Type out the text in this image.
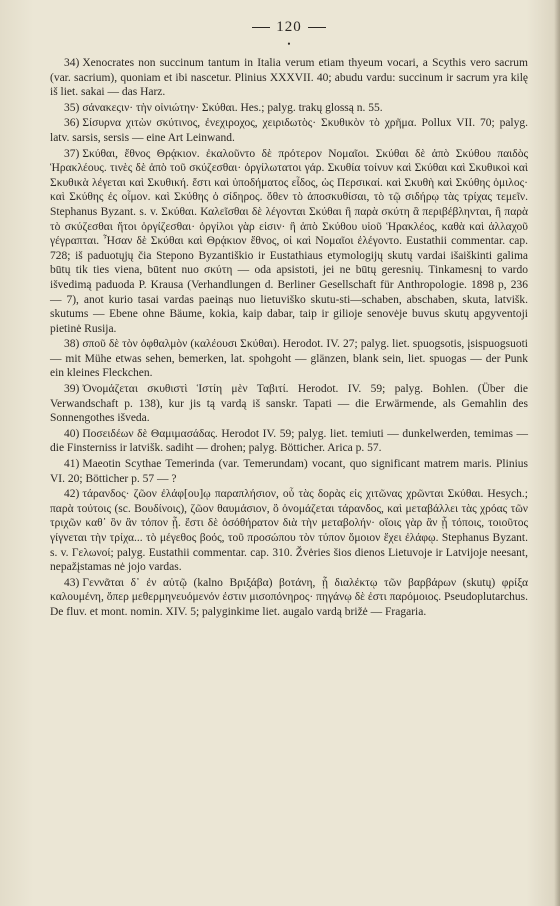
120
•

34) Xenocrates non succinum tantum in Italia verum etiam thyeum vocari, a Scythis vero sacrum (var. sacrium), quoniam et ibi nascetur. Plinius XXXVII. 40; abudu vardu: succinum ir sacrum yra kilę iš liet. sakai — das Harz.

35) σάνακεςιν· τὴν οἰνιώτην· Σκύθαι. Hes.; palyg. trakų glossą n. 55.

36) Σίσυρνα χιτὼν σκύτινος, ἐνεχιροχος, χειριδωτὸς· Σκυθικὸν τὸ χρῆμα. Pollux VII. 70; palyg. latv. sarsis, sersis — eine Art Leinwand.

37) Σκύθαι, ἔθνος Θρᾴκιον. ἐκαλοῦντο δὲ πρότερον Νομαῖοι. Σκύθαι δὲ ἀπὸ Σκύθου παιδὸς Ἡρακλέους. τινὲς δὲ ἀπὸ τοῦ σκύζεσθαι· ὀργίλωτατοι γάρ. Σκυθία τοίνυν καὶ Σκύθαι καὶ Σκυθικοὶ καὶ Σκυθικὰ λέγεται καὶ Σκυθική. ἔστι καὶ ὑποδήματος εἶδος, ὡς Περσικαί. καὶ Σκυθὴ καὶ Σκύθης ὁμιλος· καὶ Σκύθης ἐς οἶμον. καὶ Σκύθης ὁ σίδηρος. ὅθεν τὸ ἀποσκυθίσαι, τὸ τῷ σιδήρῳ τὰς τρίχας τεμεῖν. Stephanus Byzant. s. v. Σκύθαι. Καλεῖσθαι δὲ λέγονται Σκύθαι ἢ παρὰ σκύτη ἃ περιβέβληνται, ἢ παρὰ τὸ σκύζεσθαι ἤτοι ὀργίζεσθαι· ὀργίλοι γὰρ εἰσιν· ἢ ἀπὸ Σκύθου υἱοῦ Ἡρακλέος, καθὰ καὶ ἀλλαχοῦ γέγραπται. Ἦσαν δὲ Σκύθαι καὶ Θρᾴκιον ἔθνος, οἱ καὶ Νομαῖοι ἐλέγοντο. Eustathii commentar. cap. 728; iš paduotųjų čia Stepono Byzantiškio ir Eustathiaus etymologijų skutų vardai išaiškinti galima būtų tik ties viena, būtent nuo σκύτη — oda apsistoti, jei ne būtų geresnių. Tinkamesnį to vardo išvedimą paduoda P. Krausa (Verhandlungen d. Berliner Gesellschaft für Anthropologie. 1898 p, 236 — 7), anot kurio tasai vardas paeinąs nuo lietuviško skutu-sti—schaben, abschaben, skuta, latvišk. skutums — Ebene ohne Bäume, kokia, kaip dabar, taip ir gilioje senovėje buvus skutų apgyventoji pietinė Rusija.

38) σποῦ δὲ τὸν ὀφθαλμὸν (καλέουσι Σκύθαι). Herodot. IV. 27; palyg. liet. spuogsotis, įsispuogsuoti — mit Mühe etwas sehen, bemerken, lat. spohgoht — glänzen, blank sein, liet. spuogas — der Punk ein kleines Fleckchen.

39) Ὀνομάζεται σκυθιστὶ Ἱστίη μὲν Ταβιτί. Herodot. IV. 59; palyg. Bohlen. (Über die Verwandschaft p. 138), kur jis tą vardą iš sanskr. Tapati — die Erwärmende, als Gemahlin des Sonnengothes išveda.

40) Ποσειδέων δὲ Θαμιμασάδας. Herodot IV. 59; palyg. liet. temiuti — dunkelwerden, temimas — die Finsterniss ir latvišk. sadiht — drohen; palyg. Bötticher. Arica p. 57.

41) Maeotin Scythae Temerinda (var. Temerundam) vocant, quo significant matrem maris. Plinius VI. 20; Bötticher p. 57 — ?

42) τάρανδος· ζῶον ἐλάφ[ου]ῳ παραπλήσιον, οὗ τὰς δορὰς εἰς χιτῶνας χρῶνται Σκύθαι. Hesych.; παρὰ τούτοις (sc. Βουδίνοις), ζῶον θαυμάσιον, ὃ ὀνομάζεται τάρανδος, καὶ μεταβάλλει τὰς χρόας τῶν τριχῶν καθ᾽ ὃν ἂν τόπον ᾖ. ἔστι δὲ ὁσόθήρατον διὰ τὴν μεταβολήν· οἵοις γὰρ ἂν ᾖ τόποις, τοιοῦτος γίγνεται τὴν τρίχα... τὸ μέγεθος βοός, τοῦ προσώπου τὸν τύπον ὅμοιον ἔχει ἐλάφῳ. Stephanus Byzant. s. v. Γελωνοί; palyg. Eustathii commentar. cap. 310. Žvėries šios dienos Lietuvoje ir Latvijoje neesant, nepažįstamas nė jojo vardas.

43) Γεννᾶται δ᾽ ἐν αὐτῷ (kalno Βριξάβα) βοτάνη, ᾗ διαλέκτῳ τῶν βαρβάρων (skutų) φρίξα καλουμένη, ὅπερ μεθερμηνευόμενόν ἐστιν μισοπόνηρος· πηγάνῳ δὲ ἐστι παρόμοιος. Pseudoplutarchus. De fluv. et mont. nomin. XIV. 5; palyginkime liet. augalo vardą brižė — Fragaria.
